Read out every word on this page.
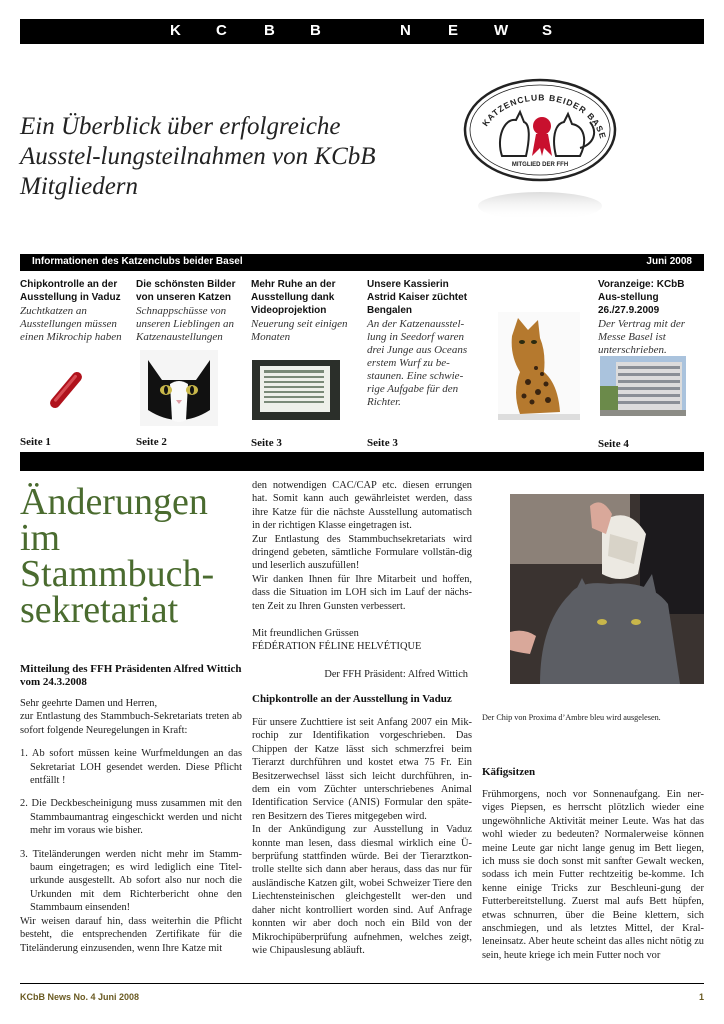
K C B B	N E W S
Ein Überblick über erfolgreiche Ausstel-lungsteilnahmen von KCbB Mitgliedern
KATZENCLUB BEIDER BASE
MITGLIED DER FFH
Informationen des Katzenclubs beider Basel	Juni 2008
Chipkontrolle an der Ausstellung in Vaduz
Zuchtkatzen an Ausstellungen müssen einen Mikrochip haben
Die schönsten Bilder von unseren Katzen
Schnappschüsse von unseren Lieblingen an Katzenaustellungen
Mehr Ruhe an der Ausstellung dank Videoprojektion
Neuerung seit einigen Monaten
Unsere Kassierin Astrid Kaiser züchtet Bengalen
An der Katzenausstel-lung in Seedorf waren drei Junge aus Oceans erstem Wurf zu be-staunen. Eine schwie-rige Aufgabe für den Richter.
Voranzeige: KCbB Aus-stellung 26./27.9.2009
Der Vertrag mit der Messe Basel ist unterschrieben.
Seite 1	Seite 2	Seite 3	Seite 3	Seite 4
Änderungen im Stammbuch-sekretariat
Mitteilung des FFH Präsidenten Alfred Wittich vom 24.3.2008

Sehr geehrte Damen und Herren,

zur Entlastung des Stammbuch-Sekretariats treten ab sofort folgende Neuregelungen in Kraft:

1. Ab sofort müssen keine Wurfmeldungen an das Sekretariat LOH gesendet werden. Diese Pflicht entfällt !

2. Die Deckbescheinigung muss zusammen mit den Stammbaumantrag eingeschickt werden und nicht mehr im voraus wie bisher.

3. Titeländerungen werden nicht mehr im Stamm-baum eingetragen; es wird lediglich eine Titel-urkunde ausgestellt. Ab sofort also nur noch die Urkunden mit dem Richterbericht ohne den Stammbaum einsenden!

Wir weisen darauf hin, dass weiterhin die Pflicht besteht, die entsprechenden Zertifikate für die Titeländerung einzusenden, wenn Ihre Katze mit

den notwendigen CAC/CAP etc. diesen errungen hat. Somit kann auch gewährleistet werden, dass ihre Katze für die nächste Ausstellung automatisch in der richtigen Klasse eingetragen ist.

Zur Entlastung des Stammbuchsekretariats wird dringend gebeten, sämtliche Formulare vollstän-dig und leserlich auszufüllen!

Wir danken Ihnen für Ihre Mitarbeit und hoffen, dass die Situation im LOH sich im Lauf der nächs-ten Zeit zu Ihren Gunsten verbessert.

Mit freundlichen Grüssen

FÉDÉRATION FÉLINE HELVÉTIQUE

Der FFH Präsident: Alfred Wittich

Chipkontrolle an der Ausstellung in Vaduz

Für unsere Zuchttiere ist seit Anfang 2007 ein Mik-rochip zur Identifikation vorgeschrieben. Das Chippen der Katze lässt sich schmerzfrei beim Tierarzt durchführen und kostet etwa 75 Fr. Ein Besitzerwechsel lässt sich leicht durchführen, in-dem ein vom Züchter unterschriebenes Animal Identification Service (ANIS) Formular den späte-ren Besitzern des Tieres mitgegeben wird.

In der Ankündigung zur Ausstellung in Vaduz konnte man lesen, dass diesmal wirklich eine Ü-berprüfung stattfinden würde. Bei der Tierarztkon-trolle stellte sich dann aber heraus, dass das nur für ausländische Katzen gilt, wobei Schweizer Tiere den Liechtensteinischen gleichgestellt wer-den und daher nicht kontrolliert worden sind. Auf Anfrage konnten wir aber doch noch ein Bild von der Mikrochipüberprüfung aufnehmen, welches zeigt, wie Chipauslesung abläuft.

Der Chip von Proxima d’Ambre bleu wird ausgelesen.
Käfigsitzen

Frühmorgens, noch vor Sonnenaufgang. Ein ner-viges Piepsen, es herrscht plötzlich wieder eine ungewöhnliche Aktivität meiner Leute. Was hat das wohl wieder zu bedeuten? Normalerweise können meine Leute gar nicht lange genug im Bett liegen, ich muss sie doch sonst mit sanfter Gewalt wecken, sodass ich mein Futter rechtzeitig be-komme. Ich kenne einige Tricks zur Beschleuni-gung der Futterbereitstellung. Zuerst mal aufs Bett hüpfen, etwas schnurren, über die Beine klettern, sich anschmiegen, und als letztes Mittel, der Kral-leneinsatz. Aber heute scheint das alles nicht nötig zu sein, heute kriege ich mein Futter noch vor

KCbB News No. 4 Juni 2008	1
